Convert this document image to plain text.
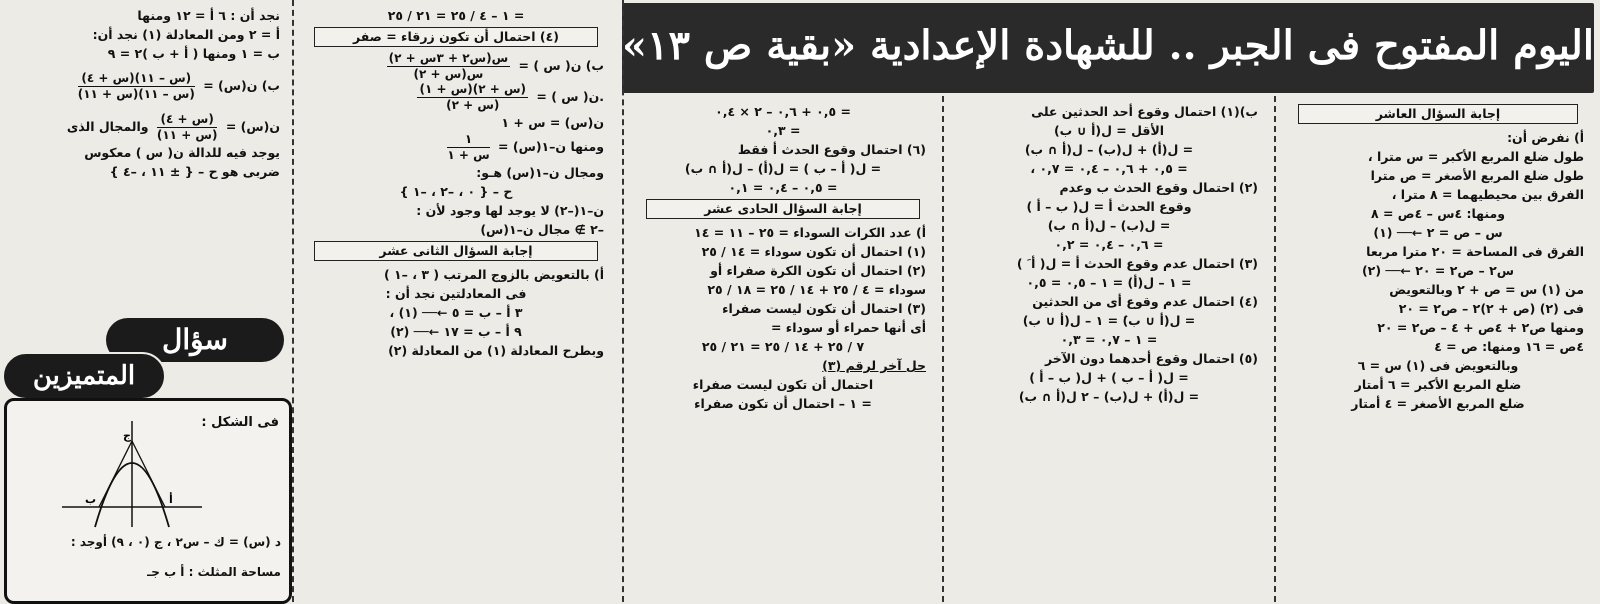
اليوم المفتوح فى الجبر .. للشهادة الإعدادية «بقية ص ١٣»
إجابة السؤال العاشر
أ) نفرض أن:
طول ضلع المربع الأكبر = س مترا ،
طول ضلع المربع الأصغر = ص مترا
الفرق بين محيطيهما = ٨ مترا ،
ومنها: ٤س – ٤ص = ٨
س – ص = ٢ ←── (١)
الفرق فى المساحة = ٢٠ مترا مربعا
س٢ – ص٢ = ٢٠ ←── (٢)
من (١) س = ص + ٢ وبالتعويض
فى (٢) (ص + ٢)٢ – ص٢ = ٢٠
ومنها ص٢ + ٤ص + ٤ – ص٢ = ٢٠
٤ص = ١٦ ومنها: ص = ٤
وبالتعويض فى (١) س = ٦
ضلع المربع الأكبر = ٦ أمتار
ضلع المربع الأصغر = ٤ أمتار
ب)(١) احتمال وقوع أحد الحدثين على
الأقل = ل(أ ∪ ب)
= ل(أ) + ل(ب) – ل(أ ∩ ب)
= ٠,٥ + ٠,٦ – ٠,٤ = ٠,٧ ،
(٢) احتمال وقوع الحدث ب وعدم
وقوع الحدث أ = ل( ب – أ )
= ل(ب) – ل(أ ∩ ب)
= ٠,٦ – ٠,٤ = ٠,٢
(٣) احتمال عدم وقوع الحدث أ = ل( أ َ )
= ١ – ل(أ) = ١ – ٠,٥ = ٠,٥
(٤) احتمال عدم وقوع أى من الحدثين
= ل(أ ∪ ب)َ = ١ – ل(أ ∪ ب)
= ١ – ٠,٧ = ٠,٣
(٥) احتمال وقوع أحدهما دون الآخر
= ل( أ – ب ) + ل( ب – أ )
= ل(أ) + ل(ب) – ٢ ل(أ ∩ ب)
= ٠,٥ + ٠,٦ – ٢ × ٠,٤
= ٠,٣
(٦) احتمال وقوع الحدث أ فقط
= ل( أ – ب ) = ل(أ) – ل(أ ∩ ب)
= ٠,٥ – ٠,٤ = ٠,١
إجابة السؤال الحادى عشر
أ) عدد الكرات السوداء = ٢٥ – ١١ = ١٤
(١) احتمال أن تكون سوداء = ١٤ / ٢٥
(٢) احتمال أن تكون الكرة صفراء أو
سوداء = ٤ / ٢٥ + ١٤ / ٢٥ = ١٨ / ٢٥
(٣) احتمال أن تكون ليست صفراء
أى أنها حمراء أو سوداء =
٧ / ٢٥ + ١٤ / ٢٥ = ٢١ / ٢٥
حل آخر لرقم (٣)
احتمال أن تكون ليست صفراء
= ١ – احتمال أن تكون صفراء
= ١ – ٤ / ٢٥ = ٢١ / ٢٥
(٤) احتمال أن تكون زرقاء = صفر
ب) ن( س ) =
$\frac{\text{س(س٢ + ٣س + ٢)}}{\text{س(س + ٢)}}$
.ن( س ) =
$\frac{\text{(س + ٢)(س + ١)}}{\text{(س + ٢)}}$
ن(س) = س + ١
ومنها ن–١(س) =
$\frac{١}{\text{س + ١}}$
ومجال ن–١(س) هـو:
ح – { ٠ ، –٢ ، –١ }
ن–١(–٢) لا يوجد لها وجود لأن :
–٢ ∌ مجال ن–١(س)
إجابة السؤال الثانى عشر
أ) بالتعويض بالزوج المرتب ( ٣ ، –١ )
فى المعادلتين نجد أن :
٣ أ – ب = ٥ ←── (١) ،
٩ أ – ب = ١٧ ←── (٢)
وبطرح المعادلة (١) من المعادلة (٢)
نجد أن : ٦ أ = ١٢ ومنها
أ = ٢ ومن المعادلة (١) نجد أن:
ب = ١ ومنها ( أ + ب )٢ = ٩
ب) ن(س) =
$\frac{\text{(س – ١١)(س + ٤)}}{\text{(س – ١١)(س + ١١)}}$
ن(س) =
$\frac{\text{(س + ٤)}}{\text{(س + ١١)}}$
والمجال الذى
يوجد فيه للدالة ن( س ) معكوس
ضربى هو ح – { ± ١١ ، –٤ }
سؤال
المتميزين
فى الشكل :
ج
ب	أ
د (س) = ك – س٢ ، ج (٠ ، ٩) أوجد :
مساحة المثلث : أ ب جـ
